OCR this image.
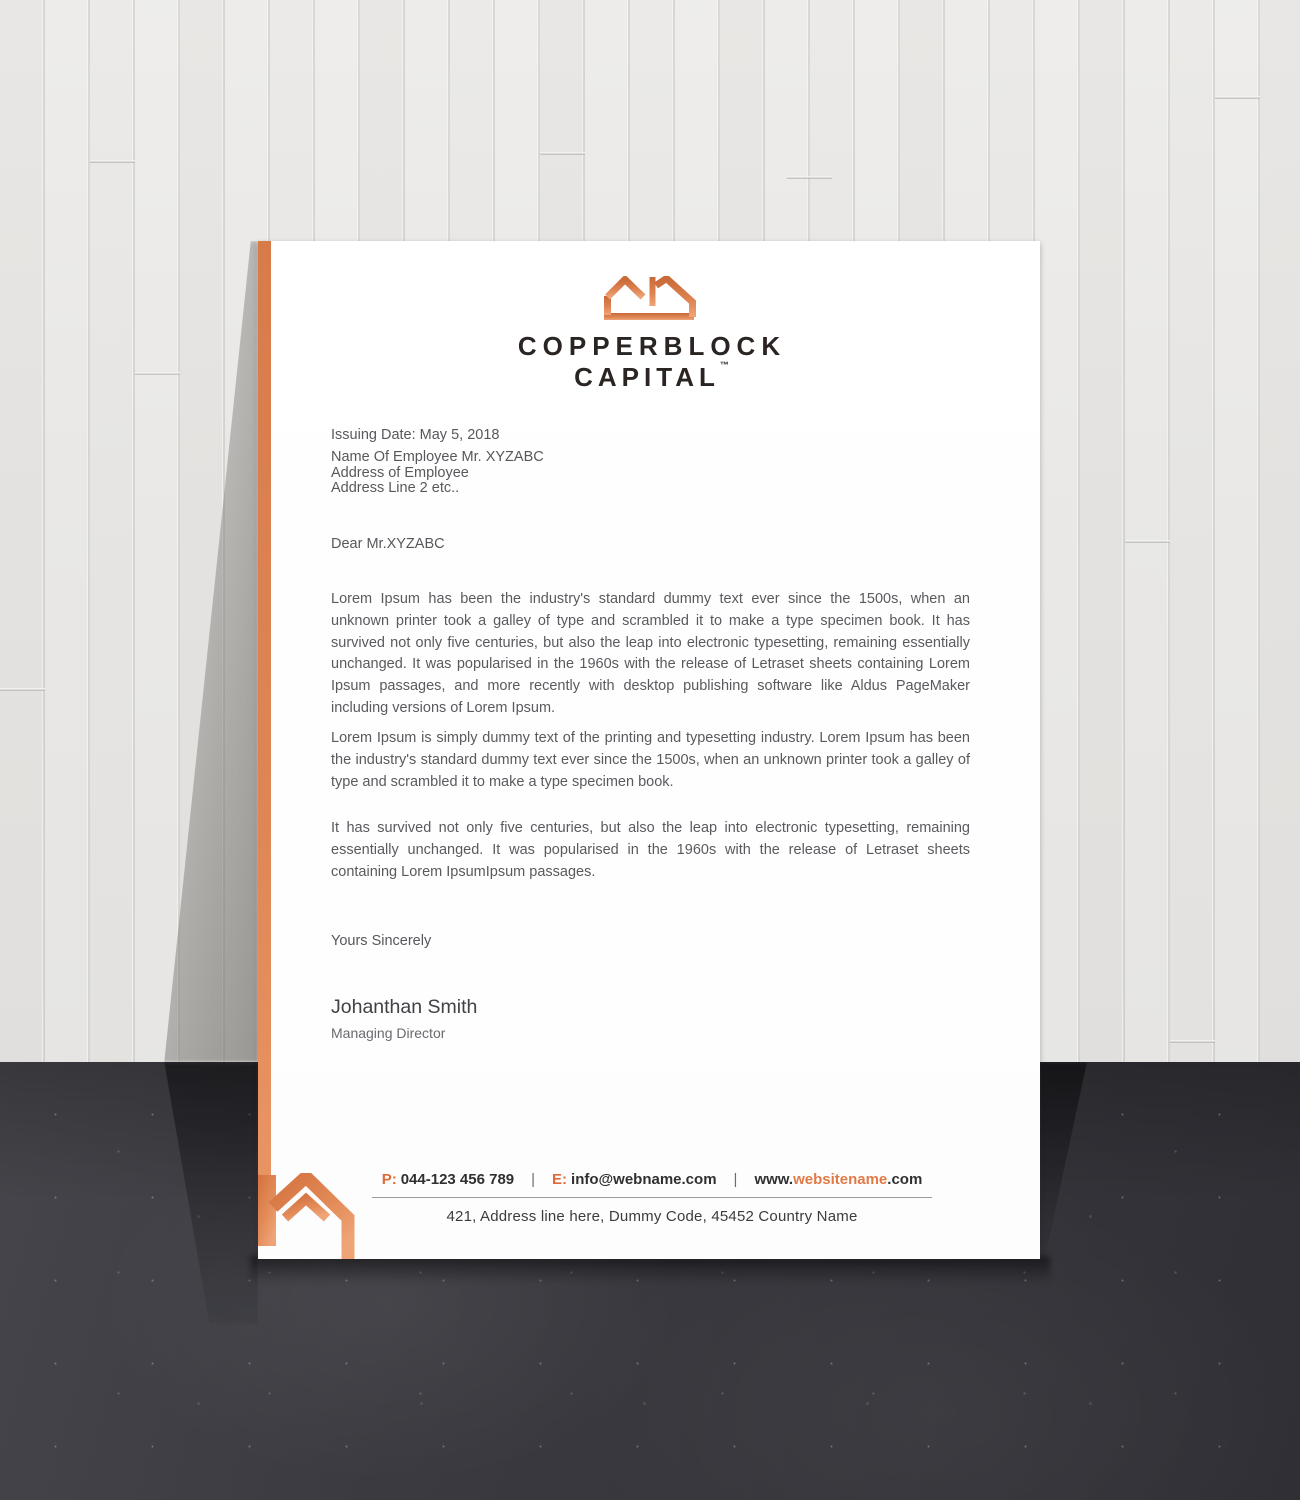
COPPERBLOCK
CAPITAL™
Issuing Date: May 5, 2018
Name Of Employee Mr. XYZABC
Address of Employee
Address Line 2 etc..
Dear Mr.XYZABC
Lorem Ipsum has been the industry's standard dummy text ever since the 1500s, when an unknown printer took a galley of type and scrambled it to make a type specimen book. It has survived not only five centuries, but also the leap into electronic typesetting, remaining essentially unchanged. It was popularised in the 1960s with the release of Letraset sheets containing Lorem Ipsum passages, and more recently with desktop publishing software like Aldus PageMaker including versions of Lorem Ipsum.
Lorem Ipsum is simply dummy text of the printing and typesetting industry. Lorem Ipsum has been the industry's standard dummy text ever since the 1500s, when an unknown printer took a galley of type and scrambled it to make a type specimen book.
It has survived not only five centuries, but also the leap into electronic typesetting, remaining essentially unchanged. It was popularised in the 1960s with the release of Letraset sheets containing Lorem IpsumIpsum passages.
Yours Sincerely
Johanthan Smith
Managing Director
P: 044-123 456 789 | E: info@webname.com | www.websitename.com
421, Address line here, Dummy Code, 45452 Country Name
